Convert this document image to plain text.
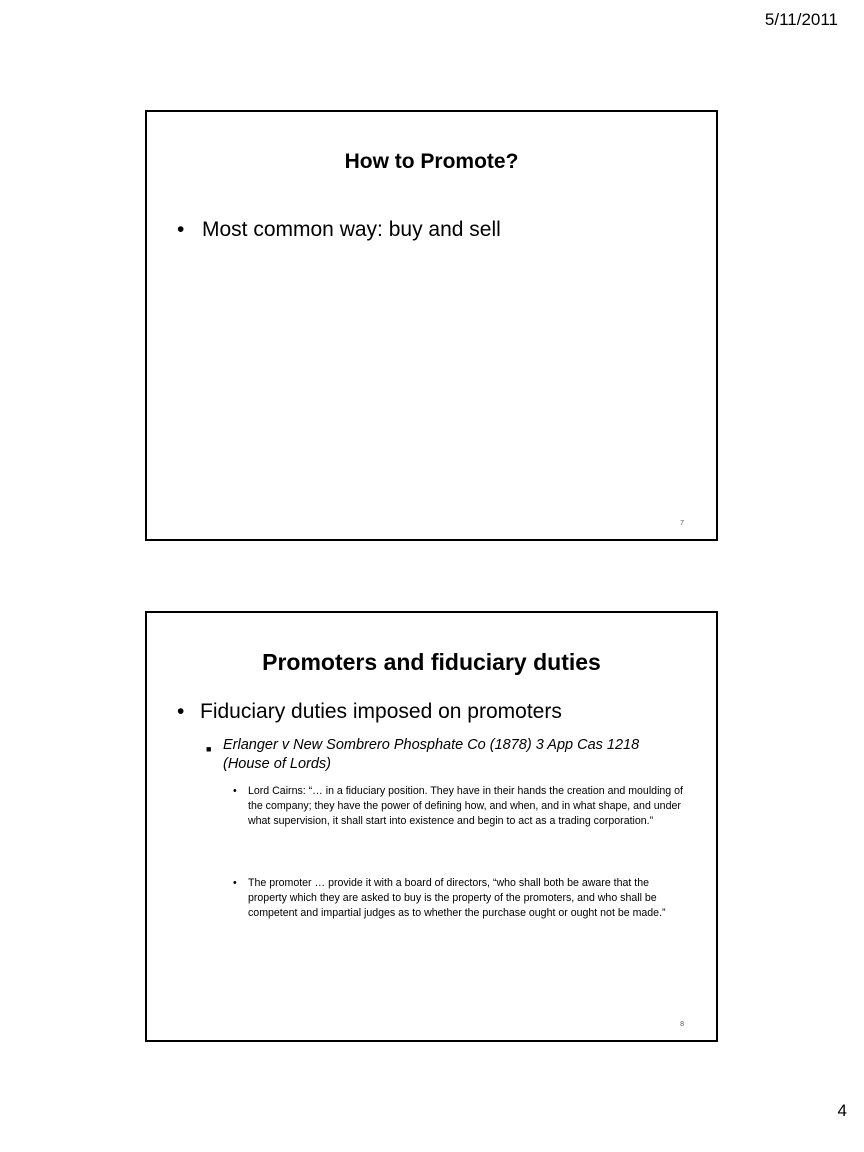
5/11/2011
How to Promote?
• Most common way: buy and sell
7
Promoters and fiduciary duties
• Fiduciary duties imposed on promoters
■ Erlanger v New Sombrero Phosphate Co (1878) 3 App Cas 1218 (House of Lords)
•	Lord Cairns: “… in a fiduciary position. They have in their hands the creation and moulding of the company; they have the power of defining how, and when, and in what shape, and under what supervision, it shall start into existence and begin to act as a trading corporation.”
•	The promoter … provide it with a board of directors, “who shall both be aware that the property which they are asked to buy is the property of the promoters, and who shall be competent and impartial judges as to whether the purchase ought or ought not be made.”
8
4
